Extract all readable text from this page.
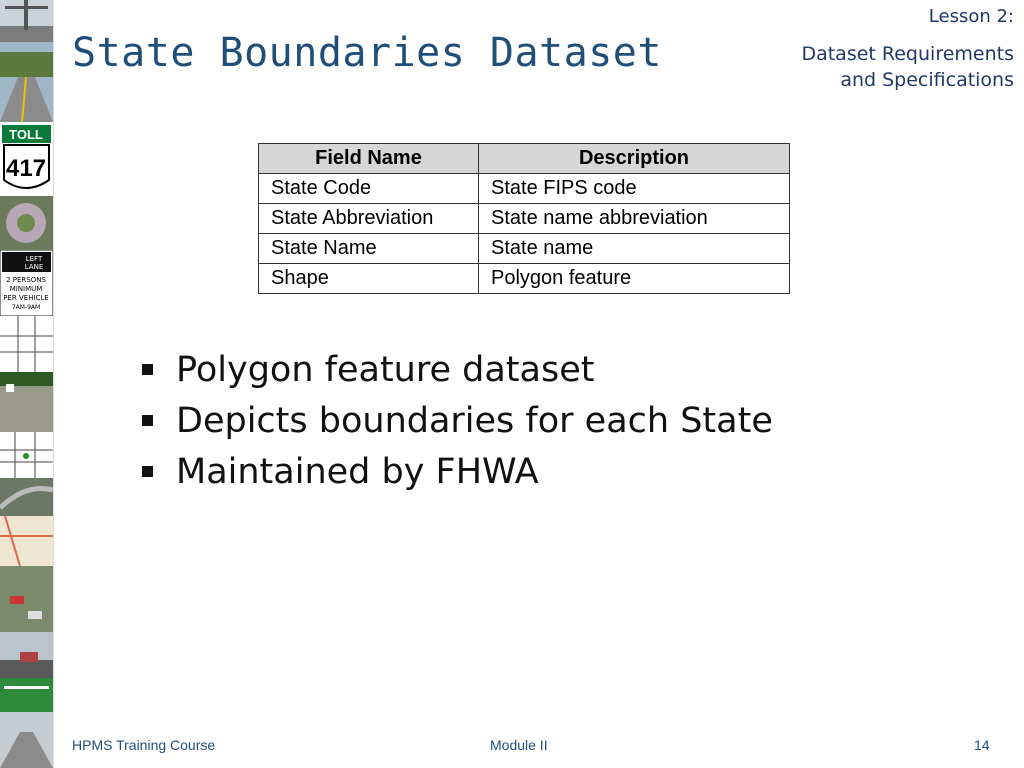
TOLL
417
LEFT
LANE
2 PERSONS
MINIMUM
PER VEHICLE
7AM-9AM
State Boundaries Dataset
Lesson 2:
Dataset Requirements
and Specifications
Field Name	Description
State Code	State FIPS code
State Abbreviation	State name abbreviation
State Name	State name
Shape	Polygon feature
Polygon feature dataset
Depicts boundaries for each State
Maintained by FHWA
HPMS Training Course	Module II	14
